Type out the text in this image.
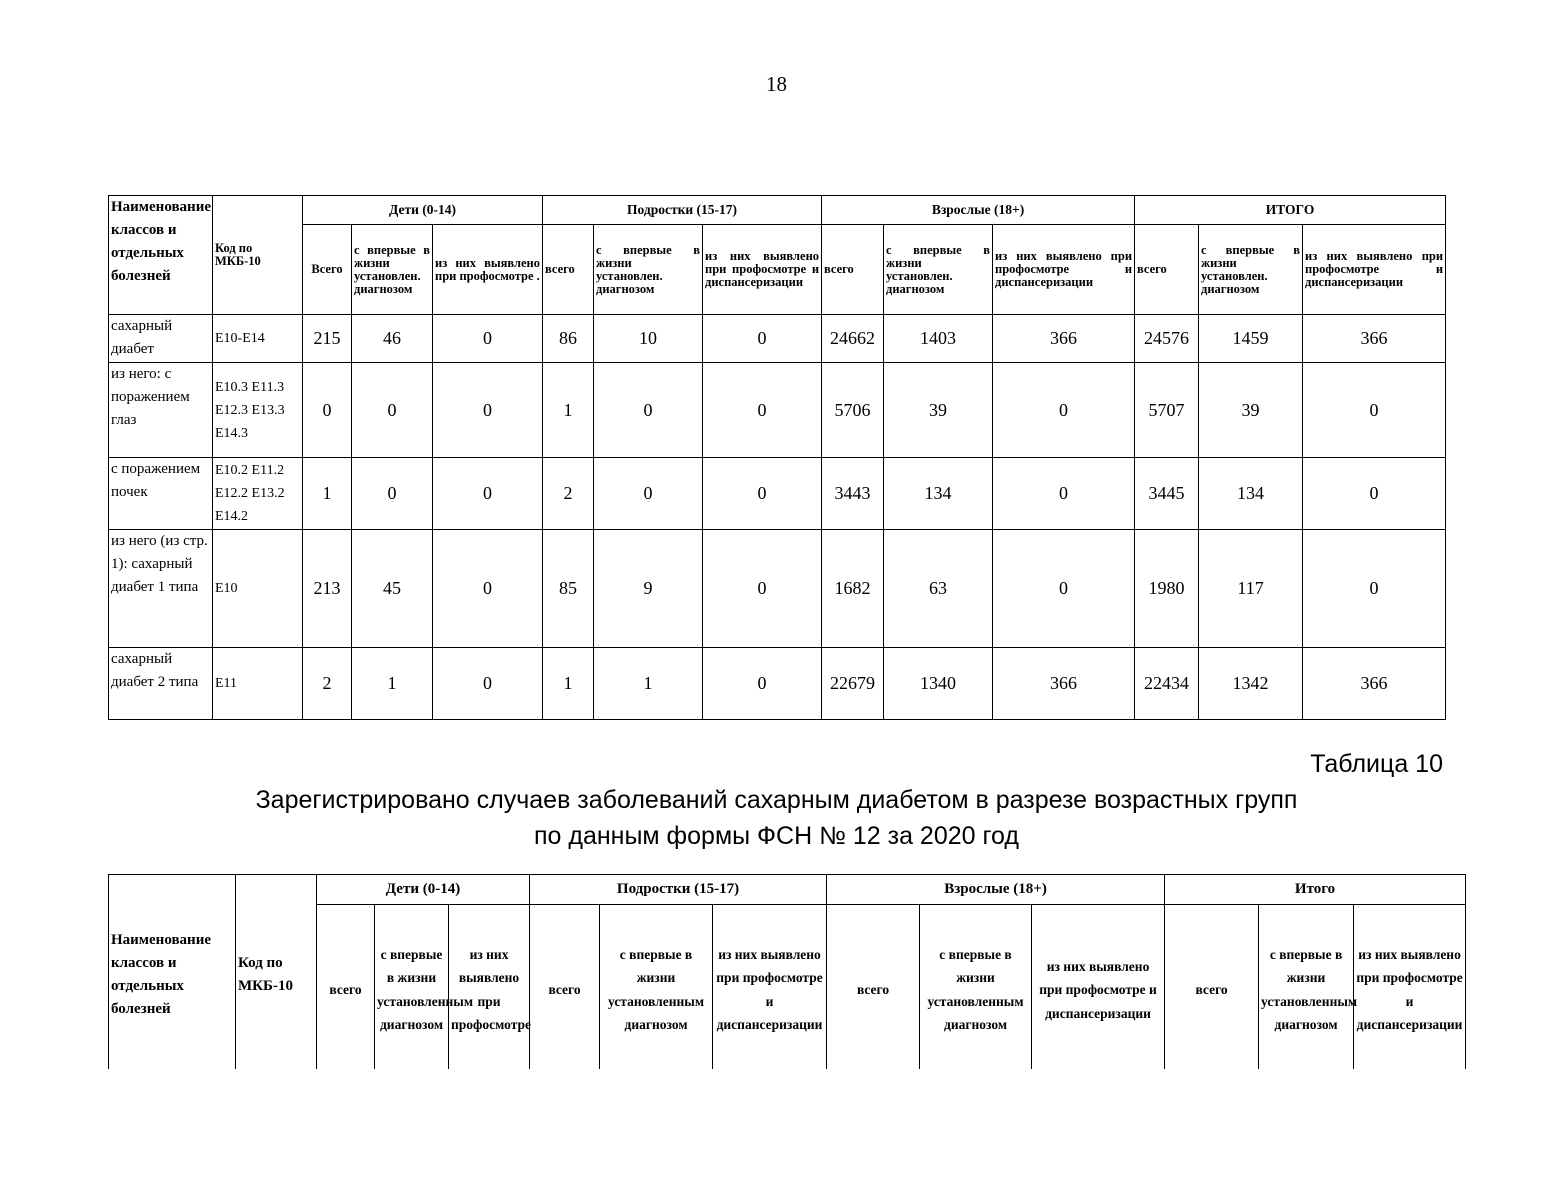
18
Наименование классов и отдельных болезней	Код по МКБ-10	Дети (0-14)			Подростки (15-17)			Взрослые (18+)			ИТОГО		
		Всего	с впервые в жизни установлен. диагнозом	из них выявлено при профосмотре .	всего	с впервые в жизни установлен. диагнозом	из них выявлено при профосмотре и диспансеризации	всего	с впервые в жизни установлен. диагнозом	из них выявлено при профосмотре и диспансеризации	всего	с впервые в жизни установлен. диагнозом	из них выявлено при профосмотре и диспансеризации
сахарный диабет	E10-E14	215	46	0	86	10	0	24662	1403	366	24576	1459	366
из него: с поражением глаз	E10.3 E11.3 E12.3 E13.3 E14.3	0	0	0	1	0	0	5706	39	0	5707	39	0
с поражением почек	E10.2 E11.2 E12.2 E13.2 E14.2	1	0	0	2	0	0	3443	134	0	3445	134	0
из него (из стр. 1): сахарный диабет 1 типа	E10	213	45	0	85	9	0	1682	63	0	1980	117	0
сахарный диабет 2 типа	E11	2	1	0	1	1	0	22679	1340	366	22434	1342	366
Таблица 10
Зарегистрировано случаев заболеваний сахарным диабетом в разрезе возрастных групп
по данным формы ФСН № 12 за 2020 год
Наименование классов и отдельных болезней	Код по МКБ-10	Дети (0-14)			Подростки (15-17)			Взрослые (18+)			Итого		
		всего	с впервые в жизни установленным диагнозом	из них выявлено при профосмотре	всего	с впервые в жизни установленным диагнозом	из них выявлено при профосмотре и диспансеризации	всего	с впервые в жизни установленным диагнозом	из них выявлено при профосмотре и диспансеризации	всего	с впервые в жизни установленным диагнозом	из них выявлено при профосмотре и диспансеризации
